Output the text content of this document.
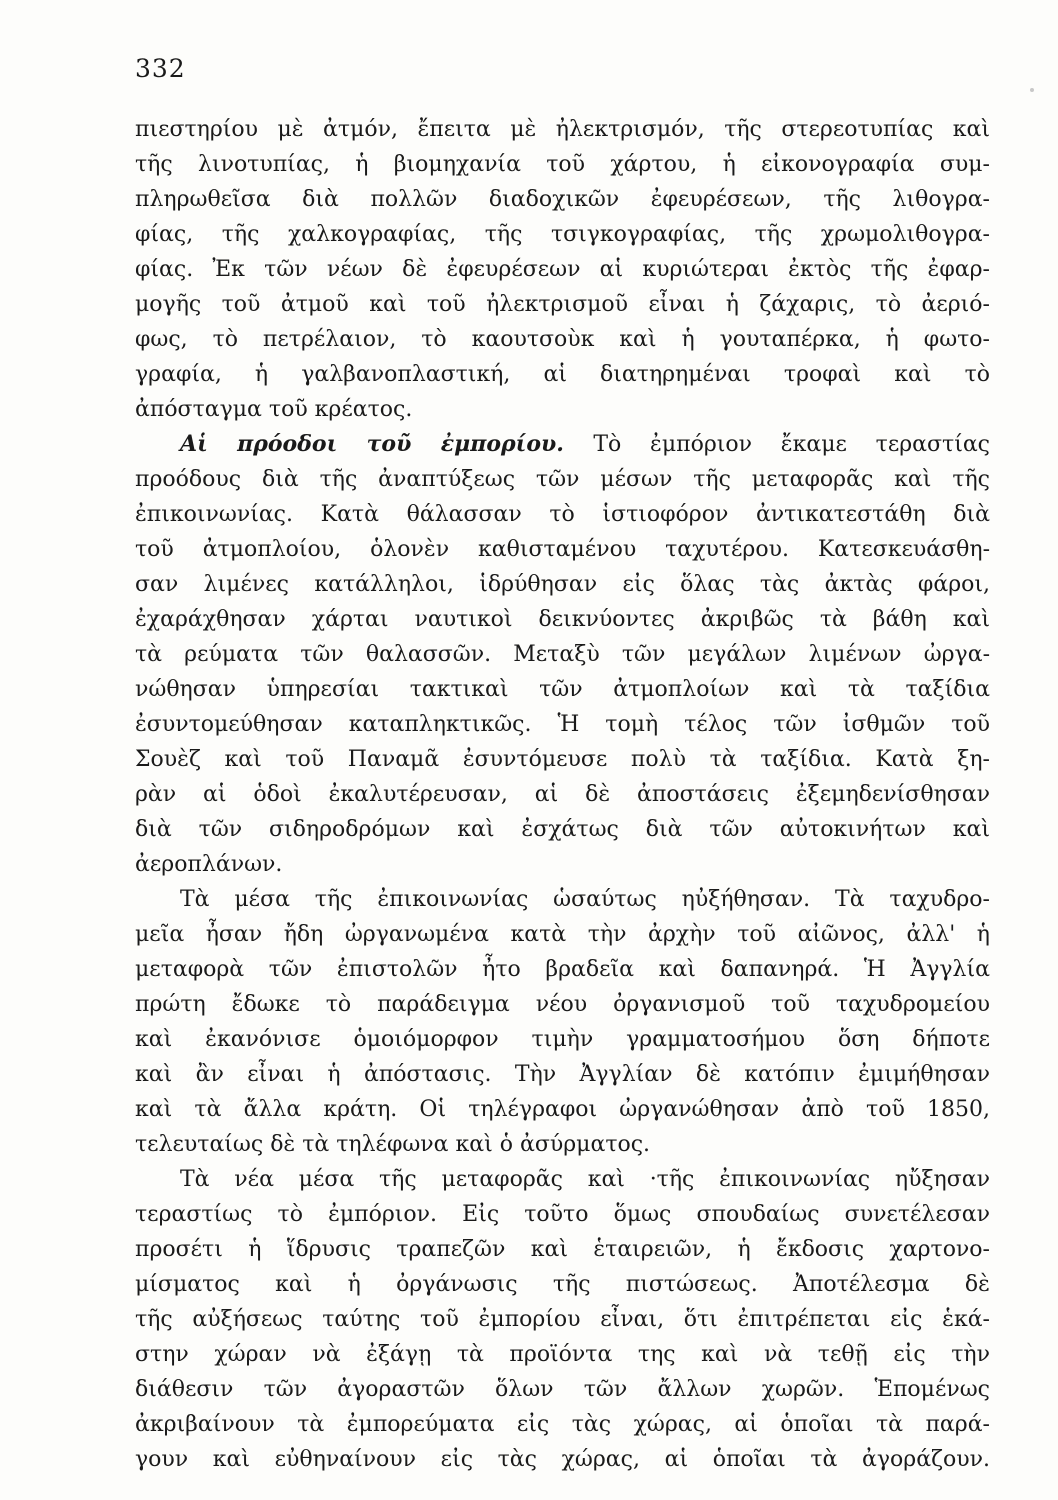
332
πιεστηρίου μὲ ἀτμόν, ἔπειτα μὲ ἠλεκτρισμόν, τῆς στερεοτυπίας καὶ
τῆς λινοτυπίας, ἡ βιομηχανία τοῦ χάρτου, ἡ εἰκονογραφία συμ-
πληρωθεῖσα διὰ πολλῶν διαδοχικῶν ἐφευρέσεων, τῆς λιθογρα-
φίας, τῆς χαλκογραφίας, τῆς τσιγκογραφίας, τῆς χρωμολιθογρα-
φίας. Ἐκ τῶν νέων δὲ ἐφευρέσεων αἱ κυριώτεραι ἐκτὸς τῆς ἐφαρ-
μογῆς τοῦ ἀτμοῦ καὶ τοῦ ἠλεκτρισμοῦ εἶναι ἡ ζάχαρις, τὸ ἀεριό-
φως, τὸ πετρέλαιον, τὸ καουτσοὺκ καὶ ἡ γουταπέρκα, ἡ φωτο-
γραφία, ἡ γαλβανοπλαστική, αἱ διατηρημέναι τροφαὶ καὶ τὸ
ἀπόσταγμα τοῦ κρέατος.
Αἱ πρόοδοι τοῦ ἐμπορίου. Τὸ ἐμπόριον ἔκαμε τεραστίας
προόδους διὰ τῆς ἀναπτύξεως τῶν μέσων τῆς μεταφορᾶς καὶ τῆς
ἐπικοινωνίας. Κατὰ θάλασσαν τὸ ἱστιοφόρον ἀντικατεστάθη διὰ
τοῦ ἀτμοπλοίου, ὁλονὲν καθισταμένου ταχυτέρου. Κατεσκευάσθη-
σαν λιμένες κατάλληλοι, ἱδρύθησαν εἰς ὅλας τὰς ἀκτὰς φάροι,
ἐχαράχθησαν χάρται ναυτικοὶ δεικνύοντες ἀκριβῶς τὰ βάθη καὶ
τὰ ρεύματα τῶν θαλασσῶν. Μεταξὺ τῶν μεγάλων λιμένων ὠργα-
νώθησαν ὑπηρεσίαι τακτικαὶ τῶν ἀτμοπλοίων καὶ τὰ ταξίδια
ἐσυντομεύθησαν καταπληκτικῶς. Ἡ τομὴ τέλος τῶν ἰσθμῶν τοῦ
Σουὲζ καὶ τοῦ Παναμᾶ ἐσυντόμευσε πολὺ τὰ ταξίδια. Κατὰ ξη-
ρὰν αἱ ὁδοὶ ἐκαλυτέρευσαν, αἱ δὲ ἀποστάσεις ἐξεμηδενίσθησαν
διὰ τῶν σιδηροδρόμων καὶ ἐσχάτως διὰ τῶν αὐτοκινήτων καὶ
ἀεροπλάνων.
Τὰ μέσα τῆς ἐπικοινωνίας ὡσαύτως ηὐξήθησαν. Τὰ ταχυδρο-
μεῖα ἦσαν ἤδη ὠργανωμένα κατὰ τὴν ἀρχὴν τοῦ αἰῶνος, ἀλλ' ἡ
μεταφορὰ τῶν ἐπιστολῶν ἦτο βραδεῖα καὶ δαπανηρά. Ἡ Ἀγγλία
πρώτη ἔδωκε τὸ παράδειγμα νέου ὀργανισμοῦ τοῦ ταχυδρομείου
καὶ ἐκανόνισε ὁμοιόμορφον τιμὴν γραμματοσήμου ὅση δήποτε
καὶ ἂν εἶναι ἡ ἀπόστασις. Τὴν Ἀγγλίαν δὲ κατόπιν ἐμιμήθησαν
καὶ τὰ ἄλλα κράτη. Οἱ τηλέγραφοι ὠργανώθησαν ἀπὸ τοῦ 1850,
τελευταίως δὲ τὰ τηλέφωνα καὶ ὁ ἀσύρματος.
Τὰ νέα μέσα τῆς μεταφορᾶς καὶ ·τῆς ἐπικοινωνίας ηὔξησαν
τεραστίως τὸ ἐμπόριον. Εἰς τοῦτο ὅμως σπουδαίως συνετέλεσαν
προσέτι ἡ ἵδρυσις τραπεζῶν καὶ ἑταιρειῶν, ἡ ἔκδοσις χαρτονο-
μίσματος καὶ ἡ ὀργάνωσις τῆς πιστώσεως. Ἀποτέλεσμα δὲ
τῆς αὐξήσεως ταύτης τοῦ ἐμπορίου εἶναι, ὅτι ἐπιτρέπεται εἰς ἑκά-
στην χώραν νὰ ἐξάγῃ τὰ προϊόντα της καὶ νὰ τεθῇ εἰς τὴν
διάθεσιν τῶν ἀγοραστῶν ὅλων τῶν ἄλλων χωρῶν. Ἑπομένως
ἀκριβαίνουν τὰ ἐμπορεύματα εἰς τὰς χώρας, αἱ ὁποῖαι τὰ παρά-
γουν καὶ εὐθηναίνουν εἰς τὰς χώρας, αἱ ὁποῖαι τὰ ἀγοράζουν.
